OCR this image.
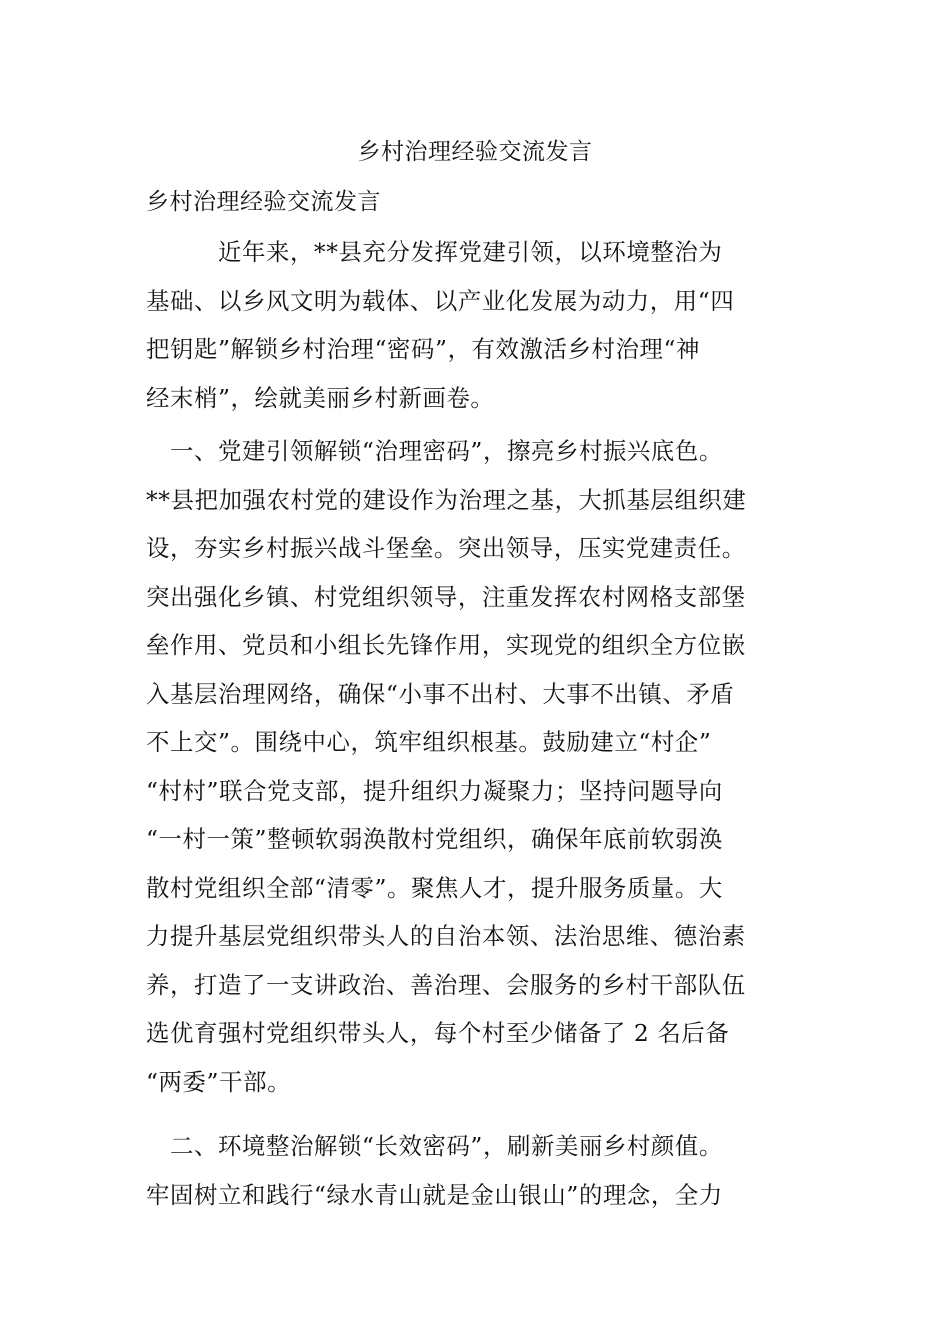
乡村治理经验交流发言
乡村治理经验交流发言
　　　近年来，**县充分发挥党建引领，以环境整治为
基础、以乡风文明为载体、以产业化发展为动力，用“四
把钥匙”解锁乡村治理“密码”，有效激活乡村治理“神
经末梢”，绘就美丽乡村新画卷。
　一、党建引领解锁“治理密码”，擦亮乡村振兴底色。
**县把加强农村党的建设作为治理之基，大抓基层组织建
设，夯实乡村振兴战斗堡垒。突出领导，压实党建责任。
突出强化乡镇、村党组织领导，注重发挥农村网格支部堡
垒作用、党员和小组长先锋作用，实现党的组织全方位嵌
入基层治理网络，确保“小事不出村、大事不出镇、矛盾
不上交”。围绕中心，筑牢组织根基。鼓励建立“村企”
“村村”联合党支部，提升组织力凝聚力；坚持问题导向
“一村一策”整顿软弱涣散村党组织，确保年底前软弱涣
散村党组织全部“清零”。聚焦人才，提升服务质量。大
力提升基层党组织带头人的自治本领、法治思维、德治素
养，打造了一支讲政治、善治理、会服务的乡村干部队伍
选优育强村党组织带头人，每个村至少储备了 2 名后备
“两委”干部。
　二、环境整治解锁“长效密码”，刷新美丽乡村颜值。
牢固树立和践行“绿水青山就是金山银山”的理念，全力
